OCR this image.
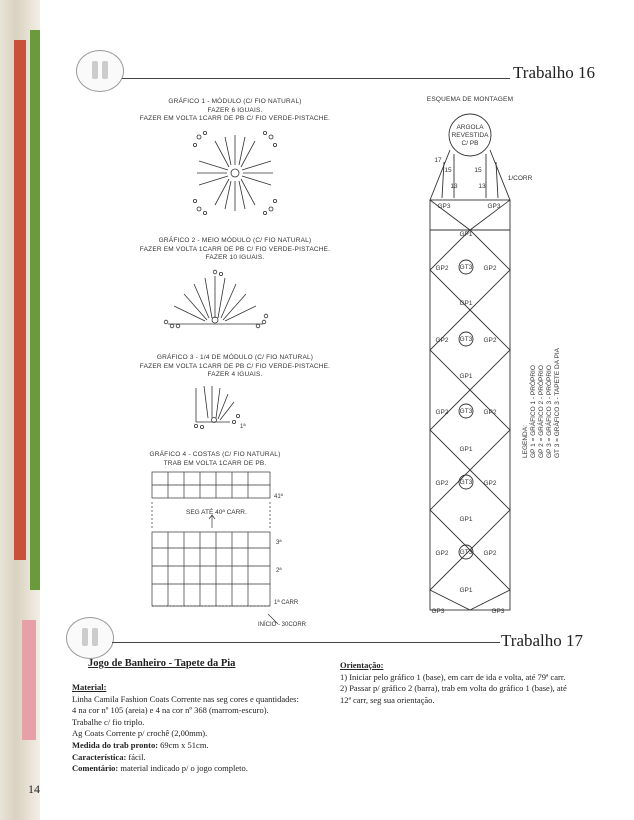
Trabalho 16
GRÁFICO 1 - MÓDULO (C/ FIO NATURAL)
FAZER 6 IGUAIS.
FAZER EM VOLTA 1CARR DE PB C/ FIO VERDE-PISTACHE.
GRÁFICO 2 - MEIO MÓDULO (C/ FIO NATURAL)
FAZER EM VOLTA 1CARR DE PB C/ FIO VERDE-PISTACHE.
FAZER 10 IGUAIS.
GRÁFICO 3 - 1/4 DE MÓDULO (C/ FIO NATURAL)
FAZER EM VOLTA 1CARR DE PB C/ FIO VERDE-PISTACHE.
FAZER 4 IGUAIS.
1ª
GRÁFICO 4 - COSTAS (C/ FIO NATURAL)
TRAB EM VOLTA 1CARR DE PB.
41ª
SEG ATÉ 40ª CARR.
3ª
2ª
1ª CARR
INÍCIO - 30CORR
ESQUEMA DE MONTAGEM
ARGOLA
REVESTIDA
C/ PB
17
15	15
13	13
1/CORR
GP3	GP3
GP1
GP2 GT3 GP2
GP1
GP2 GT3 GP2
GP1
GP2 GT3 GP2
GP1
GP2 GT3 GP2
GP1
GP2 GT3 GP2
GP1
GP3	GP3
LEGENDA: GP 1 = GRÁFICO 1 - PRÓPRIO GP 2 = GRÁFICO 2 - PRÓPRIO GP 3 = GRÁFICO 3 - PRÓPRIO GT 3 = GRÁFICO 3 - TAPETE DA PIA
Trabalho 17
Jogo de Banheiro - Tapete da Pia
Material:
Linha Camila Fashion Coats Corrente nas seg cores e quantidades:
4 na cor nº 105 (areia) e 4 na cor nº 368 (marrom-escuro).
Trabalhe c/ fio triplo.
Ag Coats Corrente p/ crochê (2,00mm).
Medida do trab pronto: 69cm x 51cm.
Característica: fácil.
Comentário: material indicado p/ o jogo completo.
Orientação:
1) Iniciar pelo gráfico 1 (base), em carr de ida e volta, até 79ª carr.
2) Passar p/ gráfico 2 (barra), trab em volta do gráfico 1 (base), até
12ª carr, seg sua orientação.
14
